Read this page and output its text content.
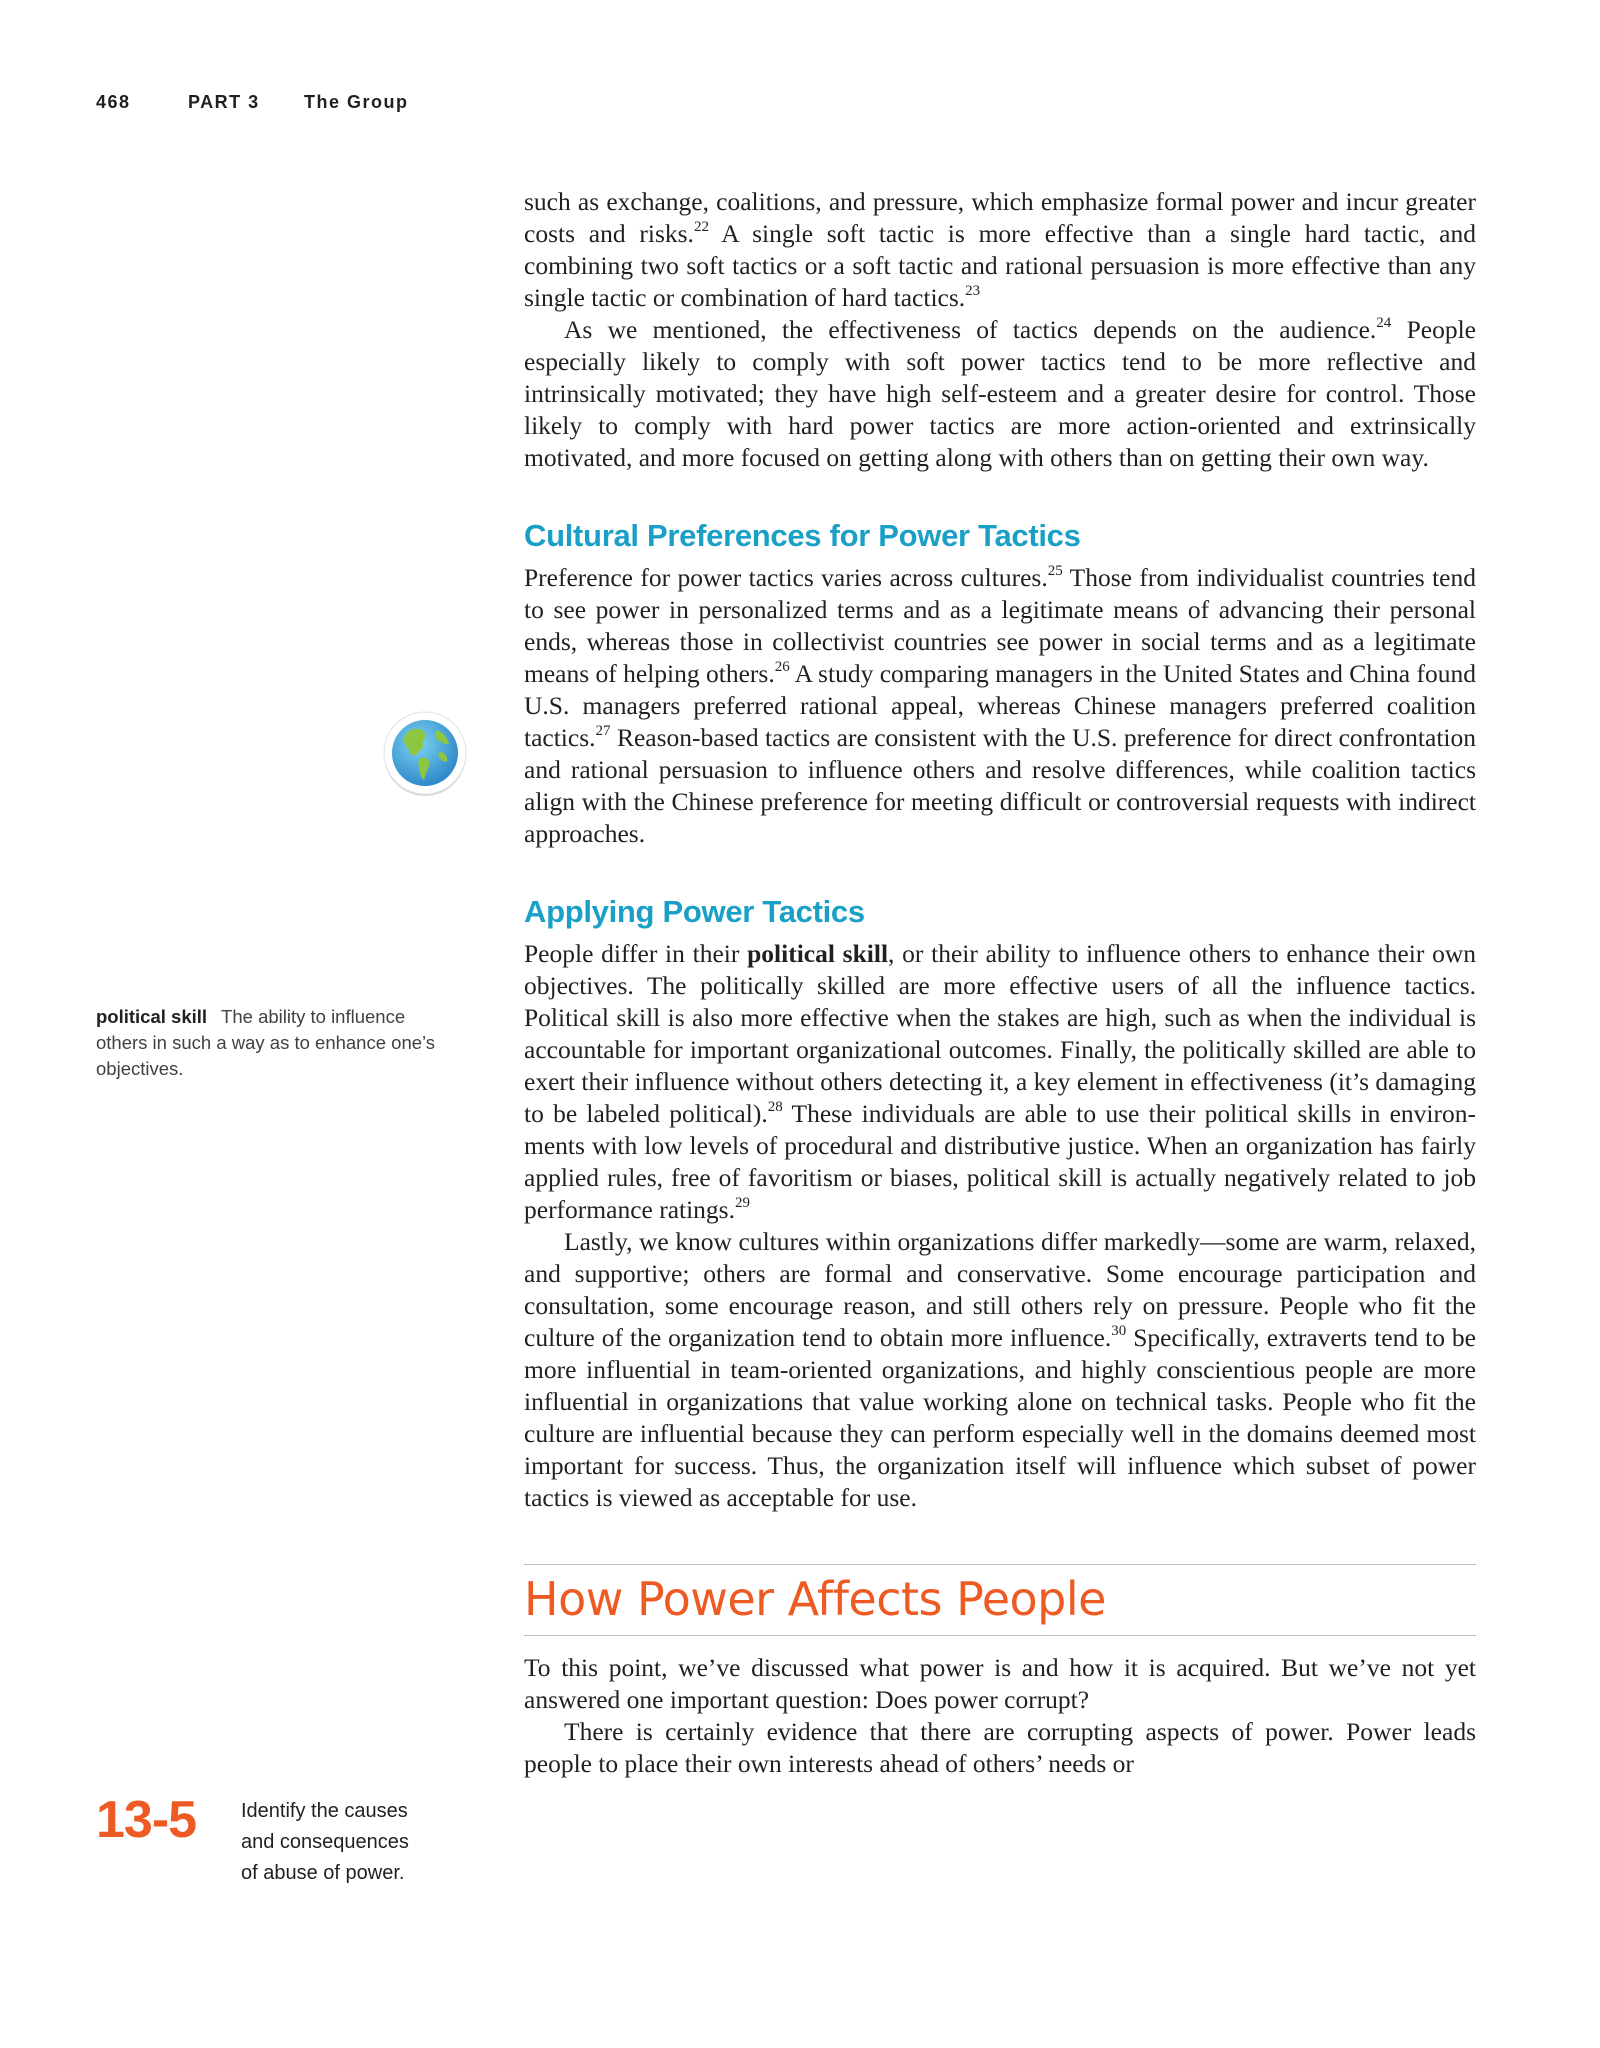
468	PART 3 The Group

such as exchange, coalitions, and pressure, which emphasize formal power and incur greater costs and risks.$^{22}$ A single soft tactic is more effective than a single hard tactic, and combining two soft tactics or a soft tactic and rational persuasion is more effective than any single tactic or combination of hard tactics.$^{23}$

As we mentioned, the effectiveness of tactics depends on the audience.$^{24}$ People especially likely to comply with soft power tactics tend to be more reflective and intrinsically motivated; they have high self-esteem and a greater desire for control. Those likely to comply with hard power tactics are more action-oriented and extrinsically motivated, and more focused on getting along with others than on getting their own way.

Cultural Preferences for Power Tactics

Preference for power tactics varies across cultures.$^{25}$ Those from individualist countries tend to see power in personalized terms and as a legitimate means of advancing their personal ends, whereas those in collectivist countries see power in social terms and as a legitimate means of helping others.$^{26}$ A study comparing managers in the United States and China found U.S. managers preferred rational appeal, whereas Chinese managers preferred coalition tactics.$^{27}$ Reason-based tactics are consistent with the U.S. preference for direct confrontation and rational persuasion to influence others and resolve differences, while coalition tactics align with the Chinese preference for meeting difficult or controversial requests with indirect approaches.

Applying Power Tactics

People differ in their political skill, or their ability to influence others to enhance their own objectives. The politically skilled are more effective users of all the influence tactics. Political skill is also more effective when the stakes are high, such as when the individual is accountable for important organizational outcomes. Finally, the politically skilled are able to exert their influence without others detecting it, a key element in effectiveness (it’s damaging to be labeled political).$^{28}$ These individuals are able to use their political skills in environments with low levels of procedural and distributive justice. When an organization has fairly applied rules, free of favoritism or biases, political skill is actually negatively related to job performance ratings.$^{29}$

Lastly, we know cultures within organizations differ markedly—some are warm, relaxed, and supportive; others are formal and conservative. Some encourage participation and consultation, some encourage reason, and still others rely on pressure. People who fit the culture of the organization tend to obtain more influence.$^{30}$ Specifically, extraverts tend to be more influential in team-oriented organizations, and highly conscientious people are more influential in organizations that value working alone on technical tasks. People who fit the culture are influential because they can perform especially well in the domains deemed most important for success. Thus, the organization itself will influence which subset of power tactics is viewed as acceptable for use.

How Power Affects People

To this point, we’ve discussed what power is and how it is acquired. But we’ve not yet answered one important question: Does power corrupt?

There is certainly evidence that there are corrupting aspects of power. Power leads people to place their own interests ahead of others’ needs or

political skill The ability to influence others in such a way as to enhance one’s objectives.
13-5 Identify the causes
and consequences
of abuse of power.
